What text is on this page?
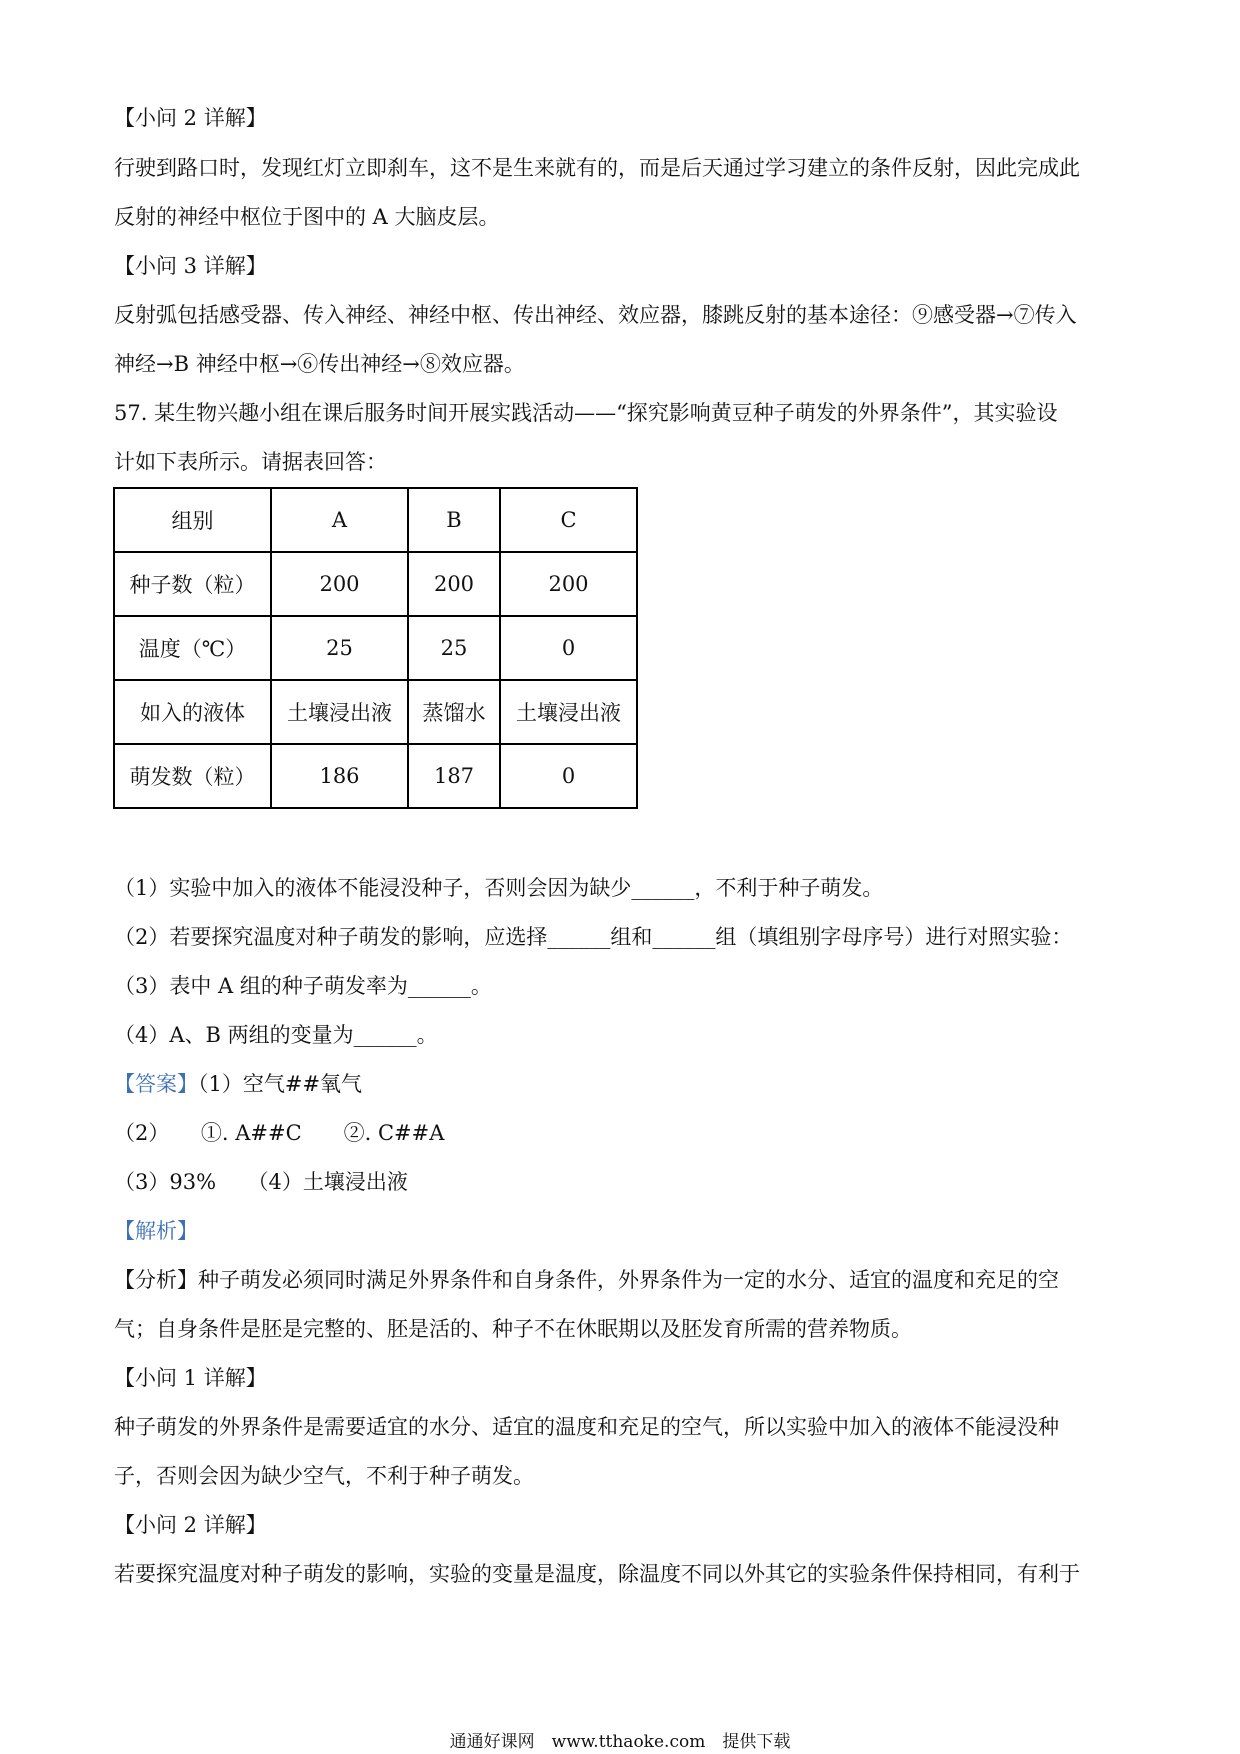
【小问 2 详解】
行驶到路口时，发现红灯立即刹车，这不是生来就有的，而是后天通过学习建立的条件反射，因此完成此
反射的神经中枢位于图中的 A 大脑皮层。
【小问 3 详解】
反射弧包括感受器、传入神经、神经中枢、传出神经、效应器，膝跳反射的基本途径：⑨感受器→⑦传入
神经→B 神经中枢→⑥传出神经→⑧效应器。
57. 某生物兴趣小组在课后服务时间开展实践活动——“探究影响黄豆种子萌发的外界条件”，其实验设
计如下表所示。请据表回答：
组别	A	B	C
种子数（粒）	200	200	200
温度（℃）	25	25	0
如入的液体	土壤浸出液	蒸馏水	土壤浸出液
萌发数（粒）	186	187	0
（1）实验中加入的液体不能浸没种子，否则会因为缺少______，不利于种子萌发。
（2）若要探究温度对种子萌发的影响，应选择______组和______组（填组别字母序号）进行对照实验：
（3）表中 A 组的种子萌发率为______。
（4）A、B 两组的变量为______。
【答案】（1）空气##氧气
（2）　　①. A##C　　②. C##A
（3）93%　　（4）土壤浸出液
【解析】
【分析】种子萌发必须同时满足外界条件和自身条件，外界条件为一定的水分、适宜的温度和充足的空
气；自身条件是胚是完整的、胚是活的、种子不在休眠期以及胚发育所需的营养物质。
【小问 1 详解】
种子萌发的外界条件是需要适宜的水分、适宜的温度和充足的空气，所以实验中加入的液体不能浸没种
子，否则会因为缺少空气，不利于种子萌发。
【小问 2 详解】
若要探究温度对种子萌发的影响，实验的变量是温度，除温度不同以外其它的实验条件保持相同，有利于
通通好课网　www.tthaoke.com　提供下载
